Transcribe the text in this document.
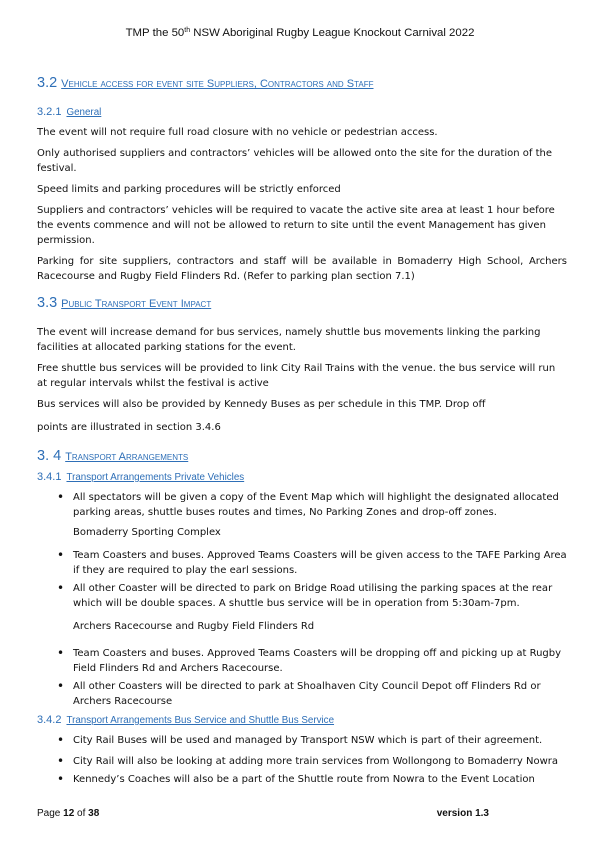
TMP the 50th NSW Aboriginal Rugby League Knockout Carnival 2022
3.2 Vehicle access for event site Suppliers, Contractors and Staff
3.2.1 General

The event will not require full road closure with no vehicle or pedestrian access.

Only authorised suppliers and contractors’ vehicles will be allowed onto the site for the duration of the festival.

Speed limits and parking procedures will be strictly enforced

Suppliers and contractors’ vehicles will be required to vacate the active site area at least 1 hour before the events commence and will not be allowed to return to site until the event Management has given permission.

Parking for site suppliers, contractors and staff will be available in Bomaderry High School, Archers Racecourse and Rugby Field Flinders Rd. (Refer to parking plan section 7.1)

3.3 Public Transport Event Impact

The event will increase demand for bus services, namely shuttle bus movements linking the parking facilities at allocated parking stations for the event.

Free shuttle bus services will be provided to link City Rail Trains with the venue. the bus service will run at regular intervals whilst the festival is active

Bus services will also be provided by Kennedy Buses as per schedule in this TMP. Drop off

points are illustrated in section 3.4.6

3. 4 Transport Arrangements
3.4.1 Transport Arrangements Private Vehicles
• All spectators will be given a copy of the Event Map which will highlight the designated allocated parking areas, shuttle buses routes and times, No Parking Zones and drop-off zones.
Bomaderry Sporting Complex
• Team Coasters and buses. Approved Teams Coasters will be given access to the TAFE Parking Area if they are required to play the earl sessions.
• All other Coaster will be directed to park on Bridge Road utilising the parking spaces at the rear which will be double spaces. A shuttle bus service will be in operation from 5:30am-7pm.
Archers Racecourse and Rugby Field Flinders Rd
• Team Coasters and buses. Approved Teams Coasters will be dropping off and picking up at Rugby Field Flinders Rd and Archers Racecourse.
• All other Coasters will be directed to park at Shoalhaven City Council Depot off Flinders Rd or Archers Racecourse
3.4.2 Transport Arrangements Bus Service and Shuttle Bus Service
• City Rail Buses will be used and managed by Transport NSW which is part of their agreement.
• City Rail will also be looking at adding more train services from Wollongong to Bomaderry Nowra
• Kennedy’s Coaches will also be a part of the Shuttle route from Nowra to the Event Location
Page 12 of 38	version 1.3
